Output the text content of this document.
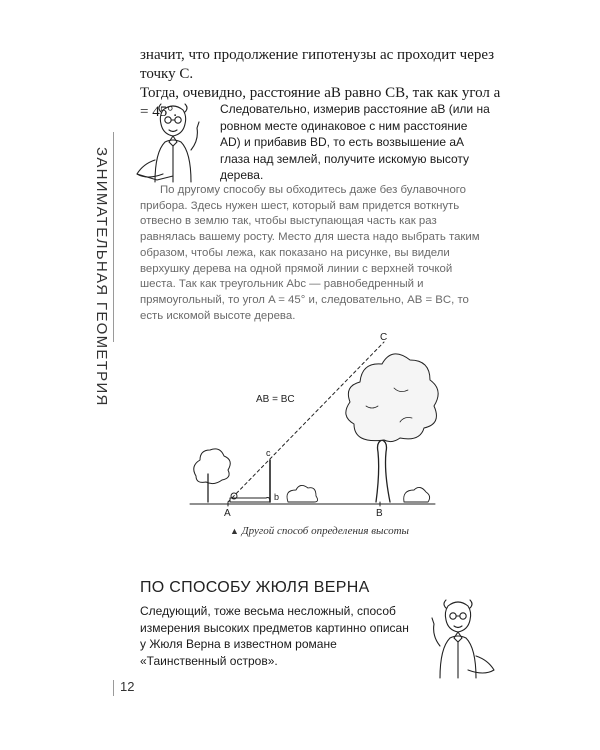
ЗАНИМАТЕЛЬНАЯ ГЕОМЕТРИЯ

значит, что продолжение гипотенузы ac проходит через точку C.

Тогда, очевидно, расстояние aB равно CB, так как угол a = 45°.	Следовательно, измерив расстояние aB (или на ровном месте одинаковое с ним расстояние AD) и прибавив BD, то есть возвышение aA глаза над землей, получите искомую высоту дерева.

По другому способу вы обходитесь даже без булавочного прибора. Здесь нужен шест, который вам придется воткнуть отвесно в землю так, чтобы выступающая часть как раз равнялась вашему росту. Место для шеста надо выбрать таким образом, чтобы лежа, как показано на рисунке, вы видели верхушку дерева на одной прямой линии с верхней точкой шеста. Так как треугольник Abc — равнобедренный и прямоугольный, то угол A = 45° и, следовательно, AB = BC, то есть искомой высоте дерева.

AB = BC
C
c
b
A	B
▲ Другой способ определения высоты
ПО СПОСОБУ ЖЮЛЯ ВЕРНА
Следующий, тоже весьма несложный, способ измерения высоких предметов картинно описан у Жюля Верна в известном романе «Таинственный остров».
12
